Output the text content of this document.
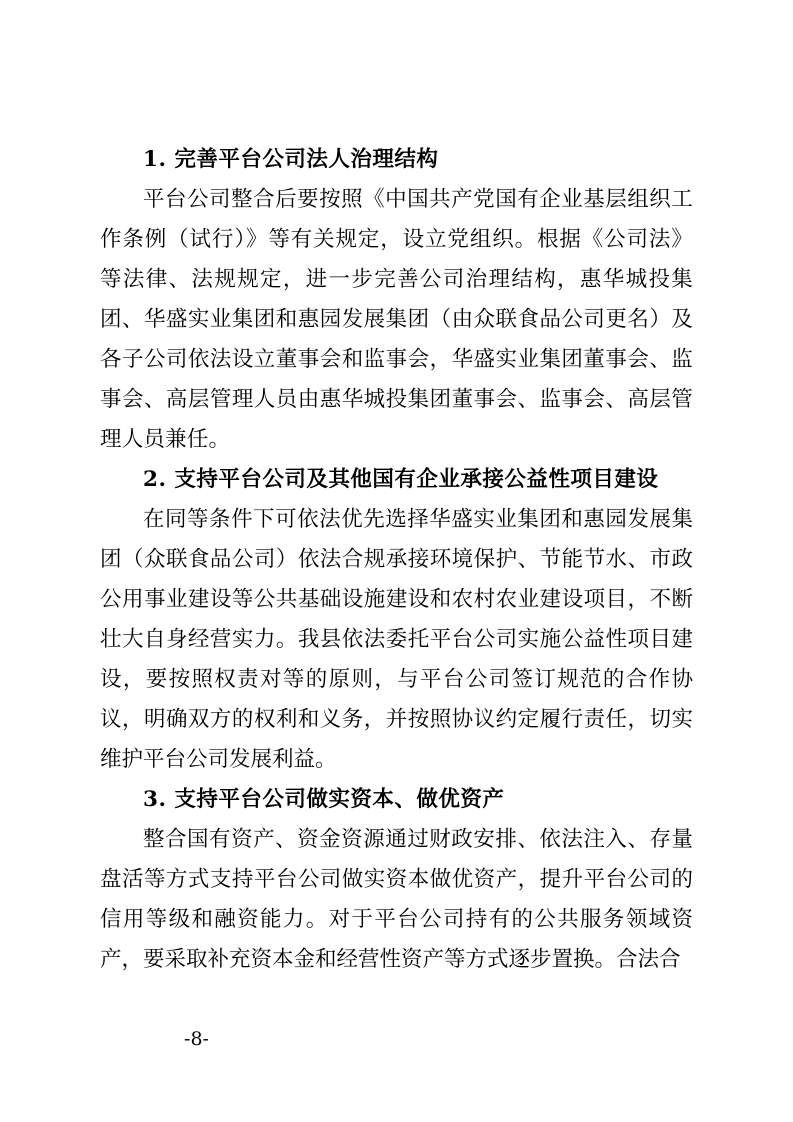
1. 完善平台公司法人治理结构

平台公司整合后要按照《中国共产党国有企业基层组织工作条例（试行）》等有关规定，设立党组织。根据《公司法》等法律、法规规定，进一步完善公司治理结构，惠华城投集团、华盛实业集团和惠园发展集团（由众联食品公司更名）及各子公司依法设立董事会和监事会，华盛实业集团董事会、监事会、高层管理人员由惠华城投集团董事会、监事会、高层管理人员兼任。

2. 支持平台公司及其他国有企业承接公益性项目建设

在同等条件下可依法优先选择华盛实业集团和惠园发展集团（众联食品公司）依法合规承接环境保护、节能节水、市政公用事业建设等公共基础设施建设和农村农业建设项目，不断壮大自身经营实力。我县依法委托平台公司实施公益性项目建设，要按照权责对等的原则，与平台公司签订规范的合作协议，明确双方的权利和义务，并按照协议约定履行责任，切实维护平台公司发展利益。

3. 支持平台公司做实资本、做优资产

整合国有资产、资金资源通过财政安排、依法注入、存量盘活等方式支持平台公司做实资本做优资产，提升平台公司的信用等级和融资能力。对于平台公司持有的公共服务领域资产，要采取补充资本金和经营性资产等方式逐步置换。合法合

-8-
